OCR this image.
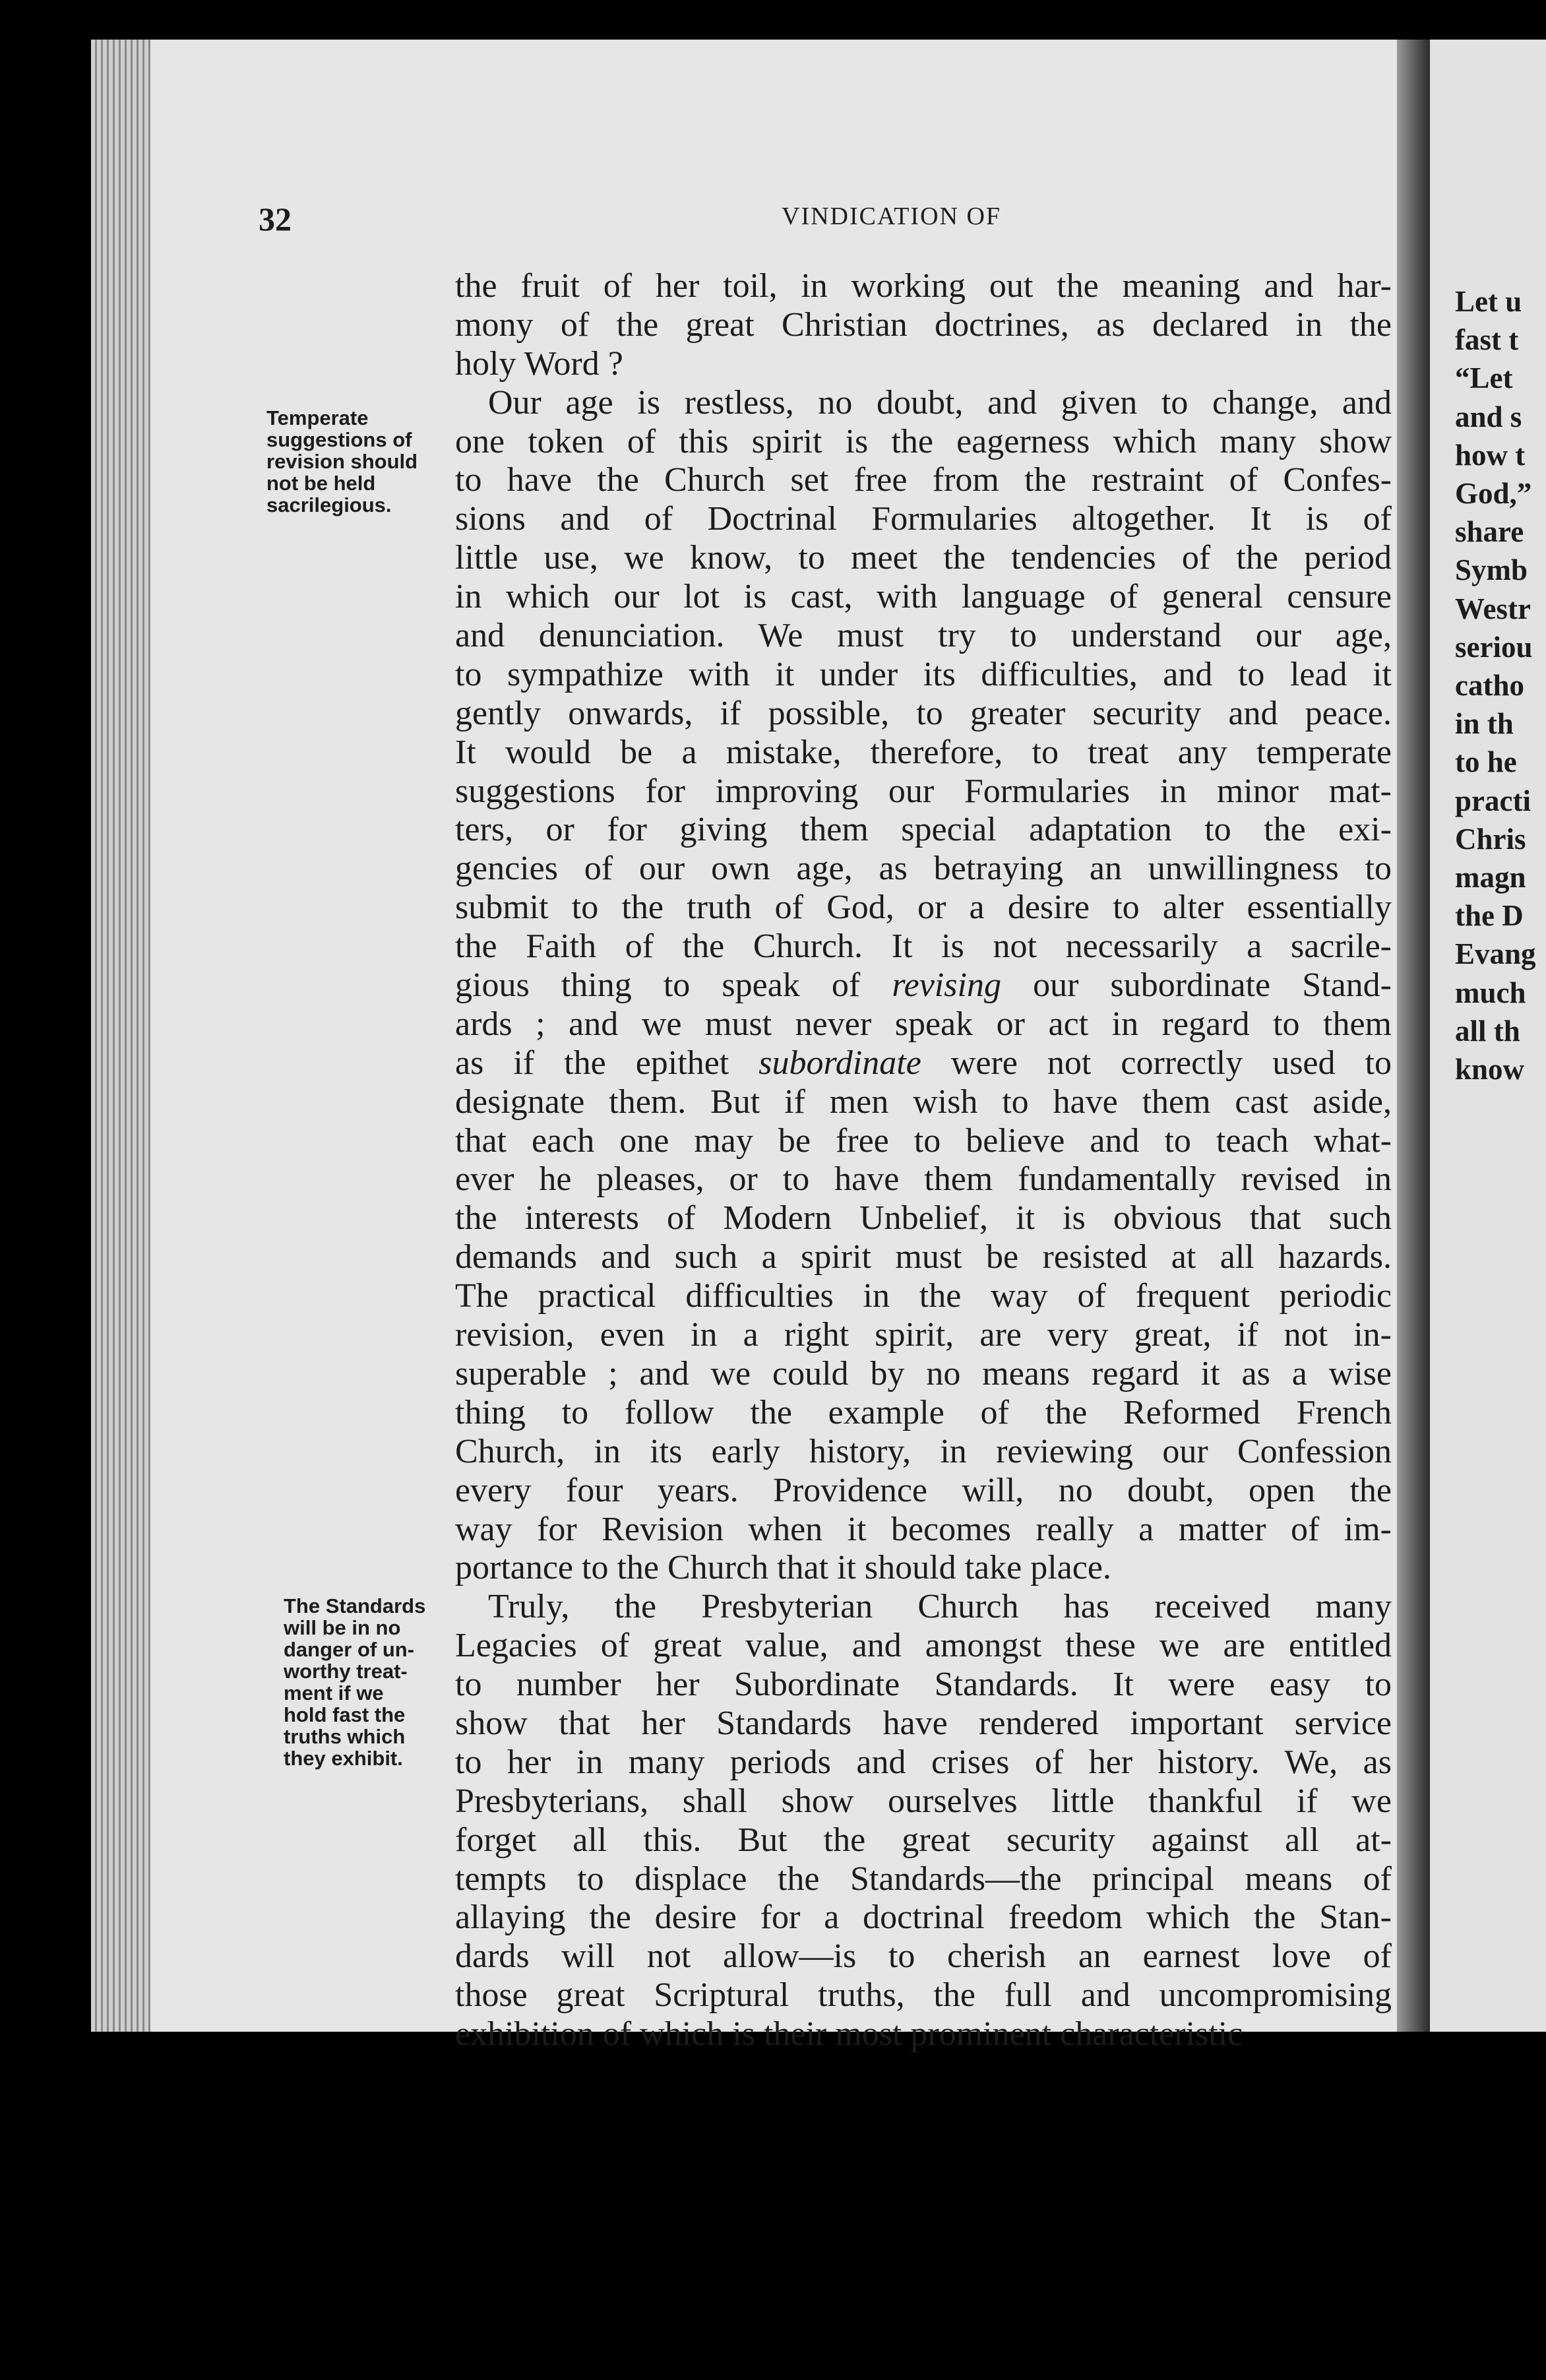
Let u
fast t
“Let
and s
how t
God,”
share
Symb
Westr
seriou
catho
in th
to he
practi
Chris
magn
the D
Evang
much
all th
know
32	VINDICATION OF
Temperate
suggestions of
revision should
not be held
sacrilegious.
The Standards
will be in no
danger of un-
worthy treat-
ment if we
hold fast the
truths which
they exhibit.
the fruit of her toil, in working out the meaning and har-
mony of the great Christian doctrines, as declared in the
holy Word ?
Our age is restless, no doubt, and given to change, and
one token of this spirit is the eagerness which many show
to have the Church set free from the restraint of Confes-
sions and of Doctrinal Formularies altogether. It is of
little use, we know, to meet the tendencies of the period
in which our lot is cast, with language of general censure
and denunciation. We must try to understand our age,
to sympathize with it under its difficulties, and to lead it
gently onwards, if possible, to greater security and peace.
It would be a mistake, therefore, to treat any temperate
suggestions for improving our Formularies in minor mat-
ters, or for giving them special adaptation to the exi-
gencies of our own age, as betraying an unwillingness to
submit to the truth of God, or a desire to alter essentially
the Faith of the Church. It is not necessarily a sacrile-
gious thing to speak of revising our subordinate Stand-
ards ; and we must never speak or act in regard to them
as if the epithet subordinate were not correctly used to
designate them. But if men wish to have them cast aside,
that each one may be free to believe and to teach what-
ever he pleases, or to have them fundamentally revised in
the interests of Modern Unbelief, it is obvious that such
demands and such a spirit must be resisted at all hazards.
The practical difficulties in the way of frequent periodic
revision, even in a right spirit, are very great, if not in-
superable ; and we could by no means regard it as a wise
thing to follow the example of the Reformed French
Church, in its early history, in reviewing our Confession
every four years. Providence will, no doubt, open the
way for Revision when it becomes really a matter of im-
portance to the Church that it should take place.
Truly, the Presbyterian Church has received many
Legacies of great value, and amongst these we are entitled
to number her Subordinate Standards. It were easy to
show that her Standards have rendered important service
to her in many periods and crises of her history. We, as
Presbyterians, shall show ourselves little thankful if we
forget all this. But the great security against all at-
tempts to displace the Standards—the principal means of
allaying the desire for a doctrinal freedom which the Stan-
dards will not allow—is to cherish an earnest love of
those great Scriptural truths, the full and uncompromising
exhibition of which is their most prominent characteristic
